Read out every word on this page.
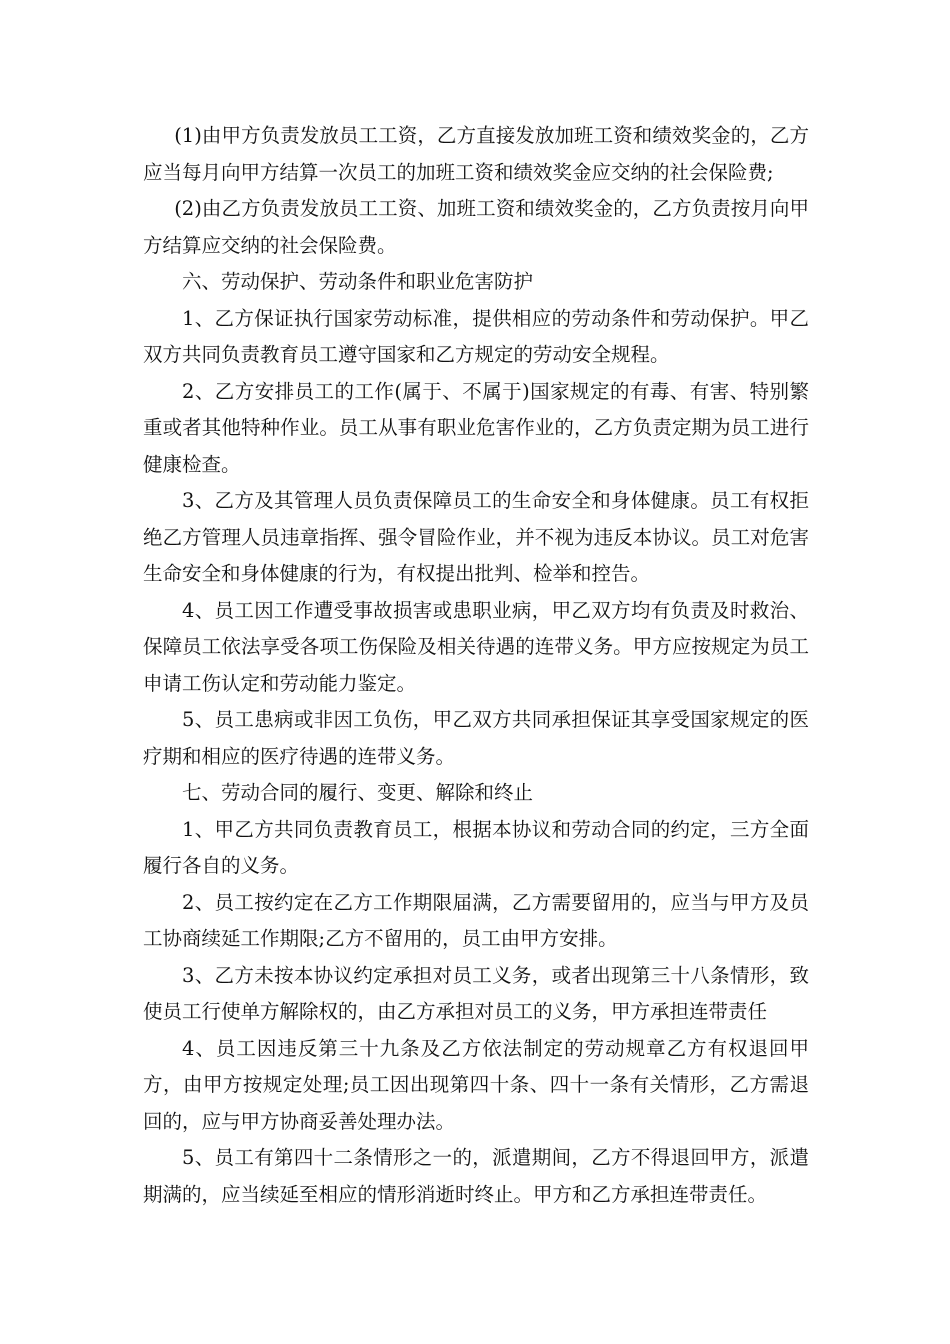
(1)由甲方负责发放员工工资，乙方直接发放加班工资和绩效奖金的，乙方应当每月向甲方结算一次员工的加班工资和绩效奖金应交纳的社会保险费;

(2)由乙方负责发放员工工资、加班工资和绩效奖金的，乙方负责按月向甲方结算应交纳的社会保险费。

六、劳动保护、劳动条件和职业危害防护

1、乙方保证执行国家劳动标准，提供相应的劳动条件和劳动保护。甲乙双方共同负责教育员工遵守国家和乙方规定的劳动安全规程。

2、乙方安排员工的工作(属于、不属于)国家规定的有毒、有害、特别繁重或者其他特种作业。员工从事有职业危害作业的，乙方负责定期为员工进行健康检查。

3、乙方及其管理人员负责保障员工的生命安全和身体健康。员工有权拒绝乙方管理人员违章指挥、强令冒险作业，并不视为违反本协议。员工对危害生命安全和身体健康的行为，有权提出批判、检举和控告。

4、员工因工作遭受事故损害或患职业病，甲乙双方均有负责及时救治、保障员工依法享受各项工伤保险及相关待遇的连带义务。甲方应按规定为员工申请工伤认定和劳动能力鉴定。

5、员工患病或非因工负伤，甲乙双方共同承担保证其享受国家规定的医疗期和相应的医疗待遇的连带义务。

七、劳动合同的履行、变更、解除和终止

1、甲乙方共同负责教育员工，根据本协议和劳动合同的约定，三方全面履行各自的义务。

2、员工按约定在乙方工作期限届满，乙方需要留用的，应当与甲方及员工协商续延工作期限;乙方不留用的，员工由甲方安排。

3、乙方未按本协议约定承担对员工义务，或者出现第三十八条情形，致使员工行使单方解除权的，由乙方承担对员工的义务，甲方承担连带责任

4、员工因违反第三十九条及乙方依法制定的劳动规章乙方有权退回甲方，由甲方按规定处理;员工因出现第四十条、四十一条有关情形，乙方需退回的，应与甲方协商妥善处理办法。

5、员工有第四十二条情形之一的，派遣期间，乙方不得退回甲方，派遣期满的，应当续延至相应的情形消逝时终止。甲方和乙方承担连带责任。
